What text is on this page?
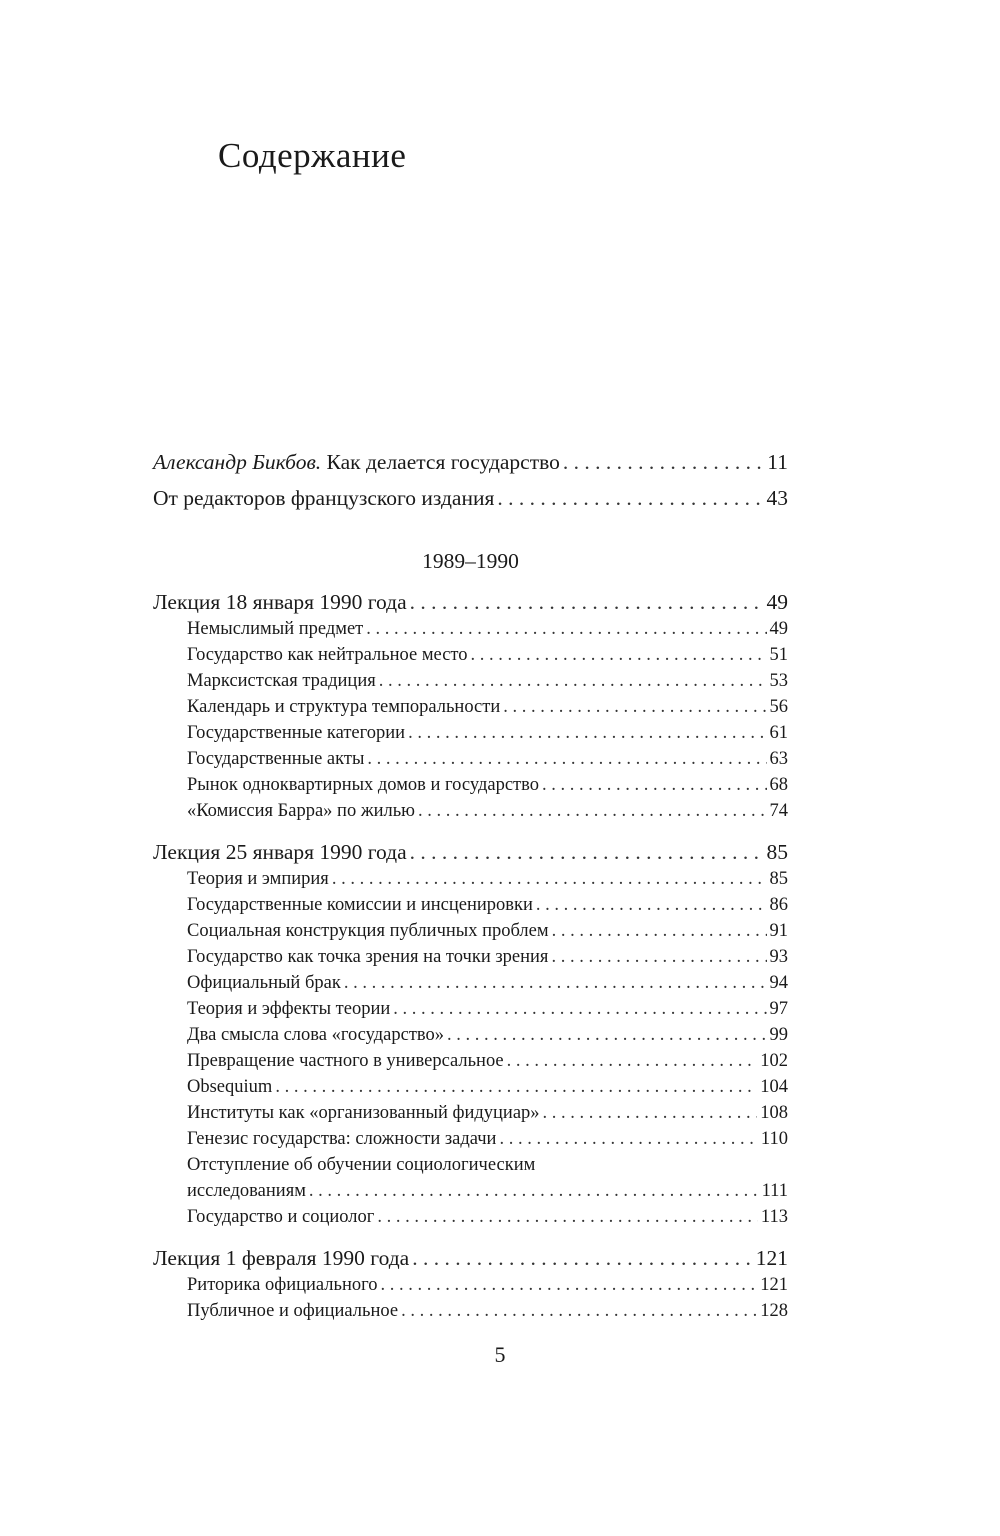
Содержание
Александр Бикбов. Как делается государство . . .	11
От редакторов французского издания . . .	43
1989–1990
Лекция 18 января 1990 года . . .	49
Немыслимый предмет . . .	49
Государство как нейтральное место . . .	51
Марксистская традиция . . .	53
Календарь и структура темпоральности . . .	56
Государственные категории . . .	61
Государственные акты . . .	63
Рынок одноквартирных домов и государство . . .	68
«Комиссия Барра» по жилью . . .	74
Лекция 25 января 1990 года . . .	85
Теория и эмпирия . . .	85
Государственные комиссии и инсценировки . . .	86
Социальная конструкция публичных проблем . . .	91
Государство как точка зрения на точки зрения . . .	93
Официальный брак . . .	94
Теория и эффекты теории . . .	97
Два смысла слова «государство» . . .	99
Превращение частного в универсальное . . .	102
Obsequium . . .	104
Институты как «организованный фидуциар» . . .	108
Генезис государства: сложности задачи . . .	110
Отступление об обучении социологическим
исследованиям . . .	111
Государство и социолог . . .	113
Лекция 1 февраля 1990 года . . .	121
Риторика официального . . .	121
Публичное и официальное . . .	128
5
